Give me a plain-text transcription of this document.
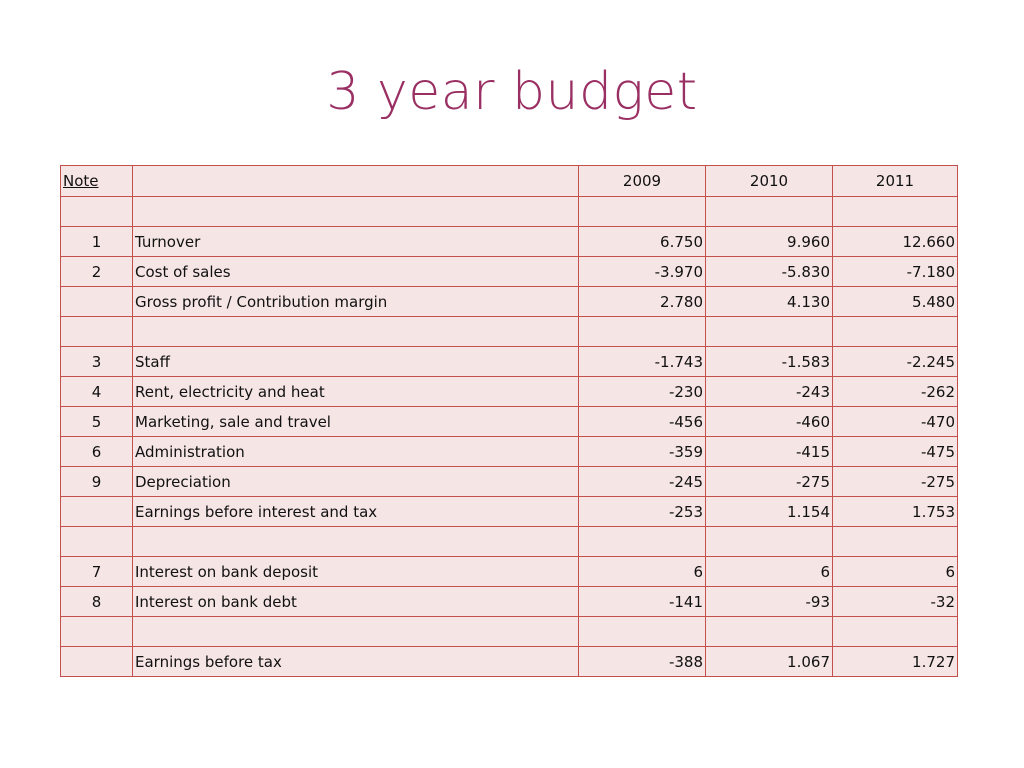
3 year budget
Note		2009	2010	2011

1	Turnover	6.750	9.960	12.660
2	Cost of sales	-3.970	-5.830	-7.180
	Gross profit / Contribution margin	2.780	4.130	5.480

3	Staff	-1.743	-1.583	-2.245
4	Rent, electricity and heat	-230	-243	-262
5	Marketing, sale and travel	-456	-460	-470
6	Administration	-359	-415	-475
9	Depreciation	-245	-275	-275
	Earnings before interest and tax	-253	1.154	1.753

7	Interest on bank deposit	6	6	6
8	Interest on bank debt	-141	-93	-32

	Earnings before tax	-388	1.067	1.727
